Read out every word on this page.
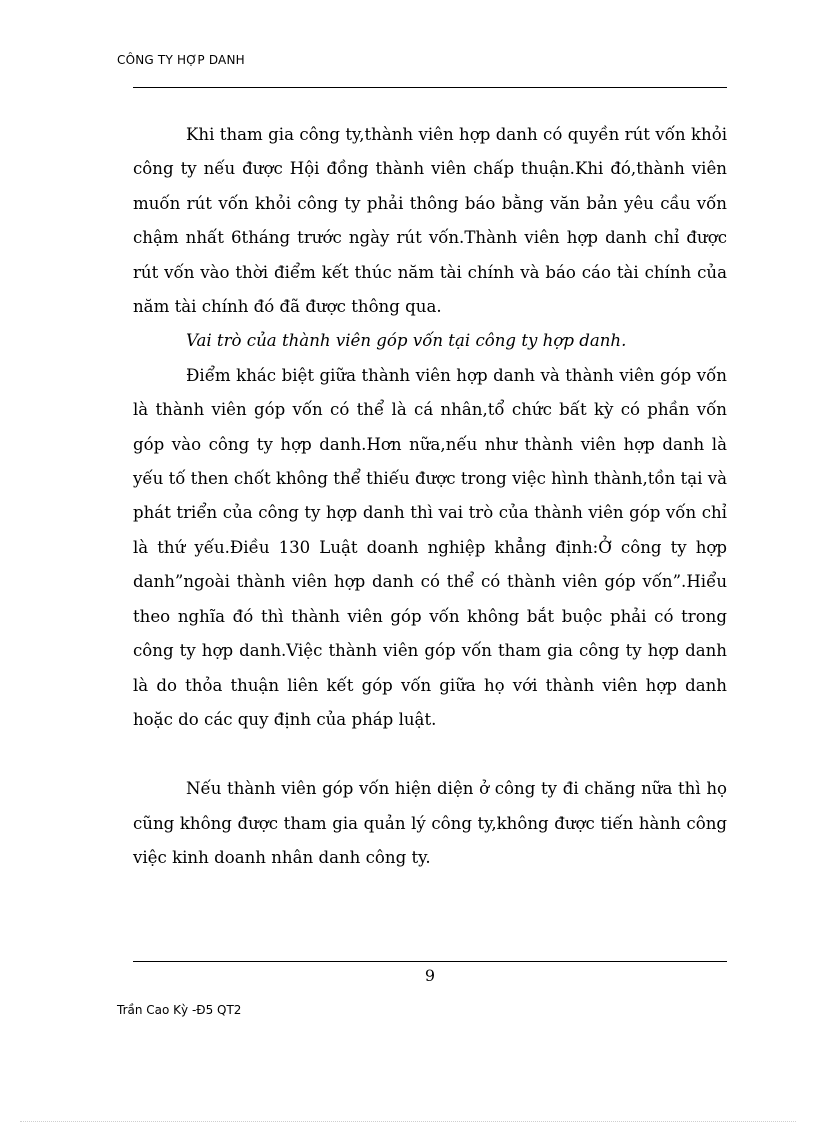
CÔNG TY HỢP DANH

Khi tham gia công ty,thành viên hợp danh có quyền rút vốn khỏi công ty nếu được Hội đồng thành viên chấp thuận.Khi đó,thành viên muốn rút vốn khỏi công ty phải thông báo bằng văn bản yêu cầu vốn chậm nhất 6tháng trước ngày rút vốn.Thành viên hợp danh chỉ được rút vốn vào thời điểm kết thúc năm tài chính và báo cáo tài chính của năm tài chính đó đã được thông qua.

Vai trò của thành viên góp vốn tại công ty hợp danh.

Điểm khác biệt giữa thành viên hợp danh và thành viên góp vốn là thành viên góp vốn có thể là cá nhân,tổ chức bất kỳ có phần vốn góp vào công ty hợp danh.Hơn nữa,nếu như thành viên hợp danh là yếu tố then chốt không thể thiếu được trong việc hình thành,tồn tại và phát triển của công ty hợp danh thì vai trò của thành viên góp vốn chỉ là thứ yếu.Điều 130 Luật doanh nghiệp khẳng định:Ở công ty hợp danh”ngoài thành viên hợp danh có thể có thành viên góp vốn”.Hiểu theo nghĩa đó thì thành viên góp vốn không bắt buộc phải có trong công ty hợp danh.Việc thành viên góp vốn tham gia công ty hợp danh là do thỏa thuận liên kết góp vốn giữa họ với thành viên hợp danh hoặc do các quy định của pháp luật.

Nếu thành viên góp vốn hiện diện ở công ty đi chăng nữa thì họ cũng không được tham gia quản lý công ty,không được tiến hành công việc kinh doanh nhân danh công ty.

9

Trần Cao Kỳ -Đ5 QT2
